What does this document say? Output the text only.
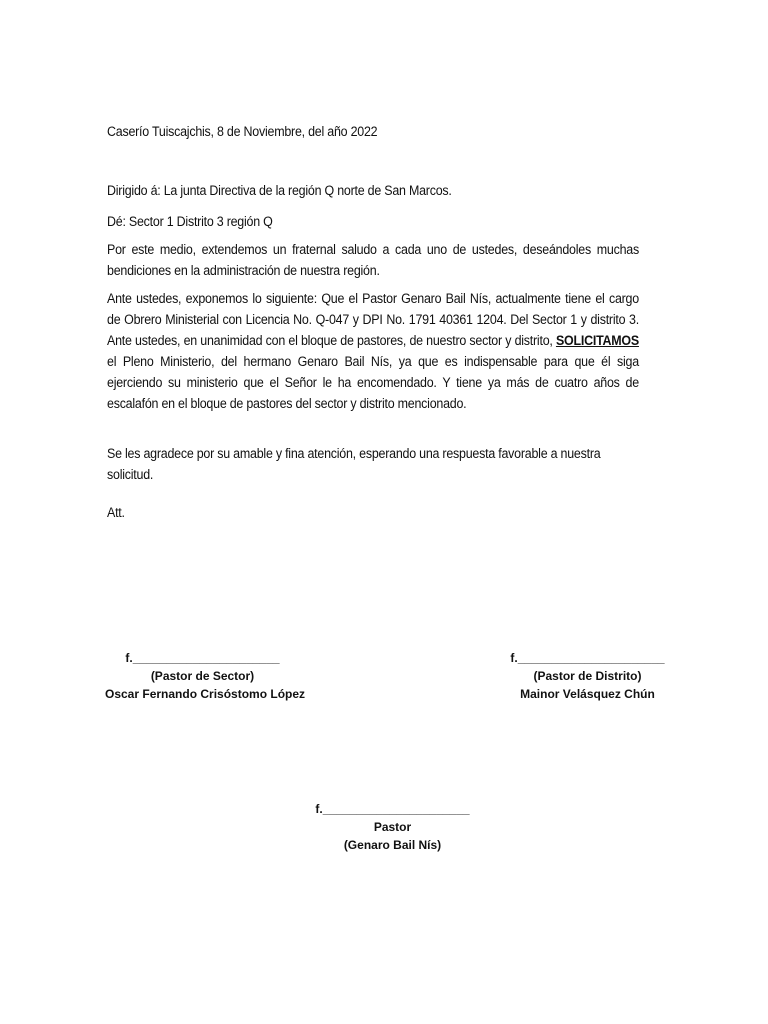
Caserío Tuiscajchis, 8 de Noviembre, del año 2022
Dirigido á: La junta Directiva de la región Q norte de San Marcos.
Dé: Sector 1 Distrito 3 región Q
Por este medio, extendemos un fraternal saludo a cada uno de ustedes, deseándoles muchas bendiciones en la administración de nuestra región.
Ante ustedes, exponemos lo siguiente: Que el Pastor Genaro Bail Nís, actualmente tiene el cargo de Obrero Ministerial con Licencia No. Q-047 y DPI No. 1791 40361 1204. Del Sector 1 y distrito 3. Ante ustedes, en unanimidad con el bloque de pastores, de nuestro sector y distrito, SOLICITAMOS el Pleno Ministerio, del hermano Genaro Bail Nís, ya que es indispensable para que él siga ejerciendo su ministerio que el Señor le ha encomendado. Y tiene ya más de cuatro años de escalafón en el bloque de pastores del sector y distrito mencionado.
Se les agradece por su amable y fina atención, esperando una respuesta favorable a nuestra solicitud.
Att.
f.______________________
(Pastor de Sector)
Oscar Fernando Crisóstomo López
f.______________________
(Pastor de Distrito)
Mainor Velásquez Chún
f.______________________
Pastor
(Genaro Bail Nís)
